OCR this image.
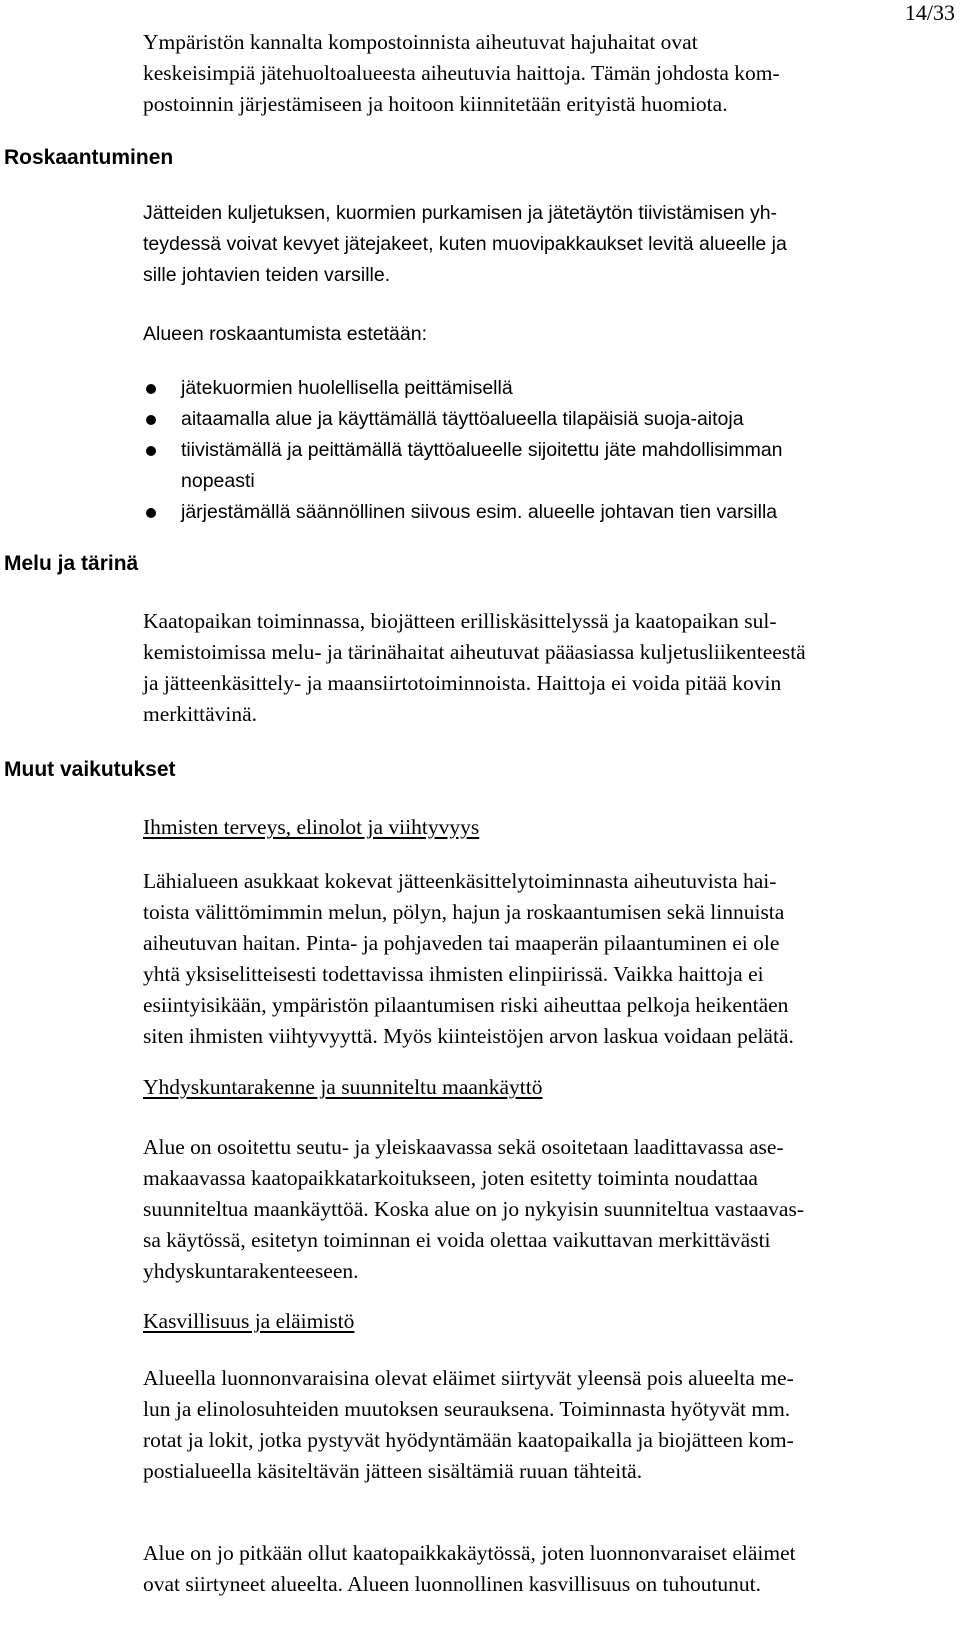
14/33

Ympäristön kannalta kompostoinnista aiheutuvat hajuhaitat ovat
keskeisimpiä jätehuoltoalueesta aiheutuvia haittoja. Tämän johdosta kom-
postoinnin järjestämiseen ja hoitoon kiinnitetään erityistä huomiota.

Roskaantuminen

Jätteiden kuljetuksen, kuormien purkamisen ja jätetäytön tiivistämisen yh-
teydessä voivat kevyet jätejakeet, kuten muovipakkaukset levitä alueelle ja
sille johtavien teiden varsille.

Alueen roskaantumista estetään:

jätekuormien huolellisella peittämisellä
aitaamalla alue ja käyttämällä täyttöalueella tilapäisiä suoja-aitoja
tiivistämällä ja peittämällä täyttöalueelle sijoitettu jäte mahdollisimman
nopeasti
järjestämällä säännöllinen siivous esim. alueelle johtavan tien varsilla
Melu ja tärinä

Kaatopaikan toiminnassa, biojätteen erilliskäsittelyssä ja kaatopaikan sul-
kemistoimissa melu- ja tärinähaitat aiheutuvat pääasiassa kuljetusliikenteestä
ja jätteenkäsittely- ja maansiirtotoiminnoista. Haittoja ei voida pitää kovin
merkittävinä.

Muut vaikutukset
Ihmisten terveys, elinolot ja viihtyvyys

Lähialueen asukkaat kokevat jätteenkäsittelytoiminnasta aiheutuvista hai-
toista välittömimmin melun, pölyn, hajun ja roskaantumisen sekä linnuista
aiheutuvan haitan. Pinta- ja pohjaveden tai maaperän pilaantuminen ei ole
yhtä yksiselitteisesti todettavissa ihmisten elinpiirissä. Vaikka haittoja ei
esiintyisikään, ympäristön pilaantumisen riski aiheuttaa pelkoja heikentäen
siten ihmisten viihtyvyyttä. Myös kiinteistöjen arvon laskua voidaan pelätä.

Yhdyskuntarakenne ja suunniteltu maankäyttö

Alue on osoitettu seutu- ja yleiskaavassa sekä osoitetaan laadittavassa ase-
makaavassa kaatopaikkatarkoitukseen, joten esitetty toiminta noudattaa
suunniteltua maankäyttöä. Koska alue on jo nykyisin suunniteltua vastaavas-
sa käytössä, esitetyn toiminnan ei voida olettaa vaikuttavan merkittävästi
yhdyskuntarakenteeseen.

Kasvillisuus ja eläimistö

Alueella luonnonvaraisina olevat eläimet siirtyvät yleensä pois alueelta me-
lun ja elinolosuhteiden muutoksen seurauksena. Toiminnasta hyötyvät mm.
rotat ja lokit, jotka pystyvät hyödyntämään kaatopaikalla ja biojätteen kom-
postialueella käsiteltävän jätteen sisältämiä ruuan tähteitä.

Alue on jo pitkään ollut kaatopaikkakäytössä, joten luonnonvaraiset eläimet
ovat siirtyneet alueelta. Alueen luonnollinen kasvillisuus on tuhoutunut.
